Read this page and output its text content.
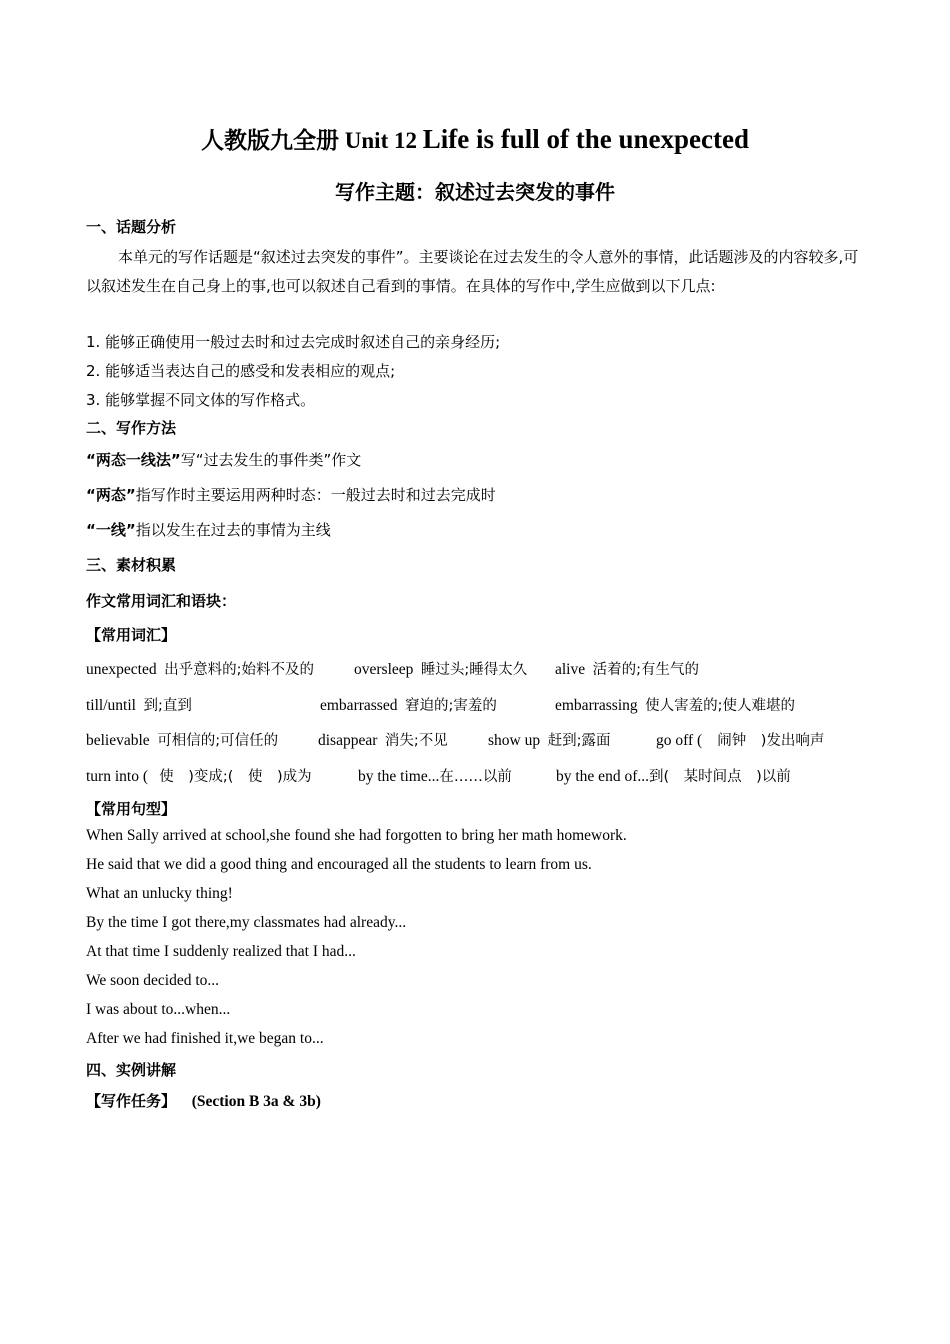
人教版九全册 Unit 12 Life is full of the unexpected
写作主题：叙述过去突发的事件
一、话题分析
本单元的写作话题是“叙述过去突发的事件”。主要谈论在过去发生的令人意外的事情，此话题涉及的内容较多,可以叙述发生在自己身上的事,也可以叙述自己看到的事情。在具体的写作中,学生应做到以下几点:
1. 能够正确使用一般过去时和过去完成时叙述自己的亲身经历;
2. 能够适当表达自己的感受和发表相应的观点;
3. 能够掌握不同文体的写作格式。
二、写作方法
“两态一线法”写“过去发生的事件类”作文
“两态”指写作时主要运用两种时态：一般过去时和过去完成时
“一线”指以发生在过去的事情为主线
三、素材积累
作文常用词汇和语块：
【常用词汇】
unexpected 出乎意料的;始料不及的	oversleep 睡过头;睡得太久 alive 活着的;有生气的
till/until 到;直到	embarrassed 窘迫的;害羞的	embarrassing 使人害羞的;使人难堪的
believable 可相信的;可信任的	disappear 消失;不见	show up 赶到;露面	go off ( 闹钟　)发出响声
turn into ( 使　)变成;(　使　)成为	by the time...在……以前	by the end of...到(　某时间点　)以前
【常用句型】
When Sally arrived at school,she found she had forgotten to bring her math homework.
He said that we did a good thing and encouraged all the students to learn from us.
What an unlucky thing!
By the time I got there,my classmates had already...
At that time I suddenly realized that I had...
We soon decided to...
I was about to...when...
After we had finished it,we began to...
四、实例讲解
【写作任务】 (Section B 3a & 3b)
